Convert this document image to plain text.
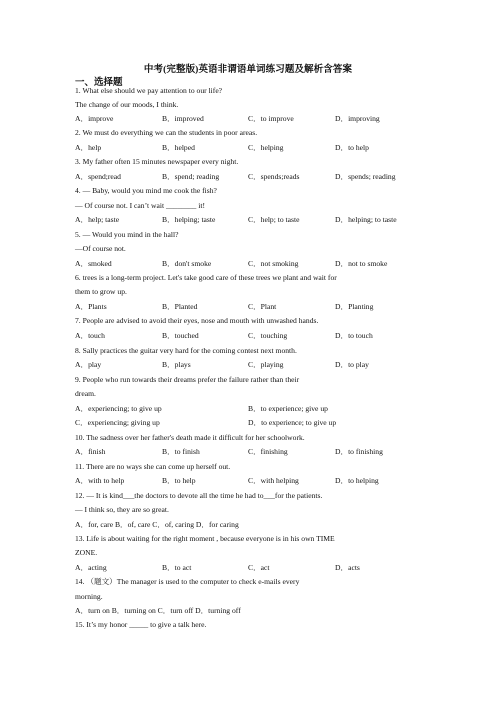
中考(完整版)英语非谓语单词练习题及解析含答案
一、选择题
1. What else should we pay attention to our life?
The change of our moods, I think.
A．improve	B．improved	C．to improve	D．improving
2. We must do everything we can the students in poor areas.
A．help	B．helped	C．helping	D．to help
3. My father often 15 minutes newspaper every night.
A．spend;read	B．spend; reading	C．spends;reads	D．spends; reading
4. — Baby, would you mind me cook the fish?
— Of course not. I can’t wait ________ it!
A．help; taste	B．helping; taste	C．help; to taste	D．helping; to taste
5. — Would you mind in the hall?
—Of course not.
A．smoked	B．don't smoke	C．not smoking	D．not to smoke
6. trees is a long-term project. Let's take good care of these trees we plant and wait for
them to grow up.
A．Plants	B．Planted	C．Plant	D．Planting
7. People are advised to avoid their eyes, nose and mouth with unwashed hands.
A．touch	B．touched	C．touching	D．to touch
8. Sally practices the guitar very hard for the coming contest next month.
A．play	B．plays	C．playing	D．to play
9. People who run towards their dreams prefer the failure rather than their
dream.
A．experiencing; to give up	B．to experience; give up
C．experiencing; giving up	D．to experience; to give up
10. The sadness over her father's death made it difficult for her schoolwork.
A．finish	B．to finish	C．finishing	D．to finishing
11. There are no ways she can come up herself out.
A．with to help	B．to help	C．with helping	D．to helping
12. — It is kind___the doctors to devote all the time he had to___for the patients.
— I think so, they are so great.
A．for, care B．of, care C．of, caring D．for caring
13. Life is about waiting for the right moment , because everyone is in his own TIME
ZONE.
A．acting	B．to act	C．act	D．acts
14. （题文）The manager is used to the computer to check e-mails every
morning.
A．turn on B．turning on C．turn off D．turning off
15. It’s my honor _____ to give a talk here.
